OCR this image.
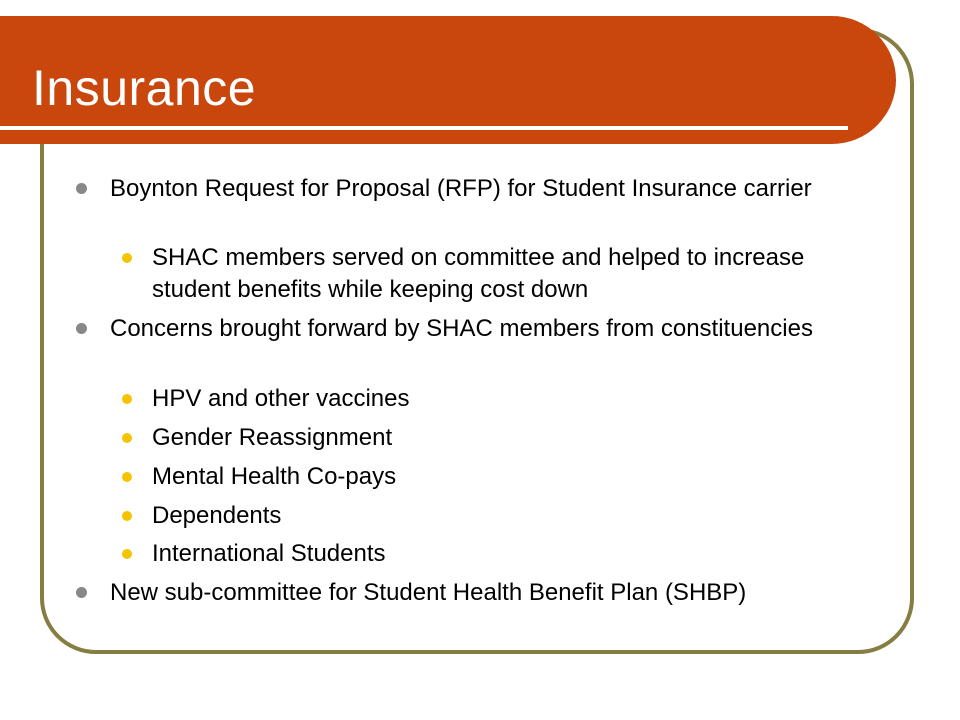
Insurance
Boynton Request for Proposal (RFP) for Student Insurance carrier
SHAC members served on committee and helped to increase student benefits while keeping cost down
Concerns brought forward by SHAC members from constituencies
HPV and other vaccines
Gender Reassignment
Mental Health Co-pays
Dependents
International Students
New sub-committee for Student Health Benefit Plan (SHBP)
